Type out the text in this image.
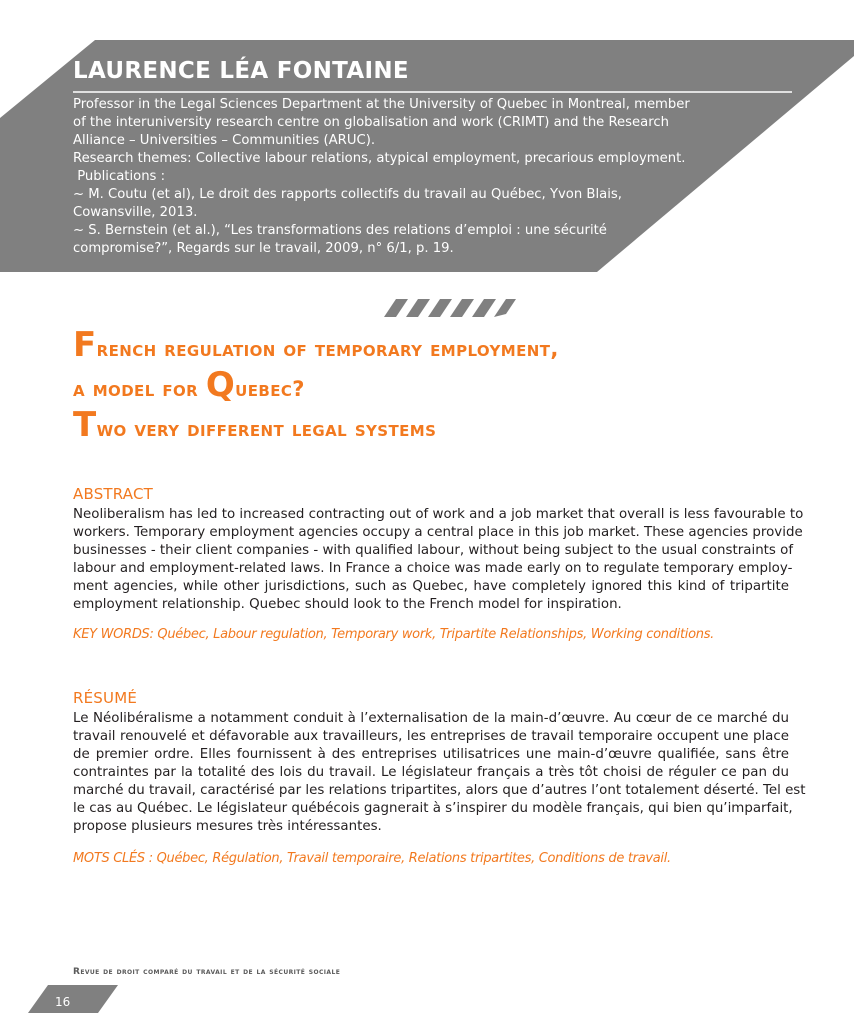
LAURENCE LÉA FONTAINE
Professor in the Legal Sciences Department at the University of Quebec in Montreal, member
of the interuniversity research centre on globalisation and work (CRIMT) and the Research
Alliance – Universities – Communities (ARUC).
Research themes: Collective labour relations, atypical employment, precarious employment.
Publications :
~ M. Coutu (et al), Le droit des rapports collectifs du travail au Québec, Yvon Blais,
Cowansville, 2013.
~ S. Bernstein (et al.), “Les transformations des relations d’emploi : une sécurité
compromise?”, Regards sur le travail, 2009, n° 6/1, p. 19.
French regulation of temporary employment,
a model for Quebec?
Two very different legal systems
ABSTRACT
Neoliberalism has led to increased contracting out of work and a job market that overall is less favourable to
workers. Temporary employment agencies occupy a central place in this job market. These agencies provide
businesses - their client companies - with qualified labour, without being subject to the usual constraints of
labour and employment-related laws. In France a choice was made early on to regulate temporary employ-
ment agencies, while other jurisdictions, such as Quebec, have completely ignored this kind of tripartite
employment relationship. Quebec should look to the French model for inspiration.
KEY WORDS: Québec, Labour regulation, Temporary work, Tripartite Relationships, Working conditions.
RÉSUMÉ
Le Néolibéralisme a notamment conduit à l’externalisation de la main-d’œuvre. Au cœur de ce marché du
travail renouvelé et défavorable aux travailleurs, les entreprises de travail temporaire occupent une place
de premier ordre. Elles fournissent à des entreprises utilisatrices une main-d’œuvre qualifiée, sans être
contraintes par la totalité des lois du travail. Le législateur français a très tôt choisi de réguler ce pan du
marché du travail, caractérisé par les relations tripartites, alors que d’autres l’ont totalement déserté. Tel est
le cas au Québec. Le législateur québécois gagnerait à s’inspirer du modèle français, qui bien qu’imparfait,
propose plusieurs mesures très intéressantes.
MOTS CLÉS : Québec, Régulation, Travail temporaire, Relations tripartites, Conditions de travail.
Revue de droit comparé du travail et de la sécurité sociale
16
